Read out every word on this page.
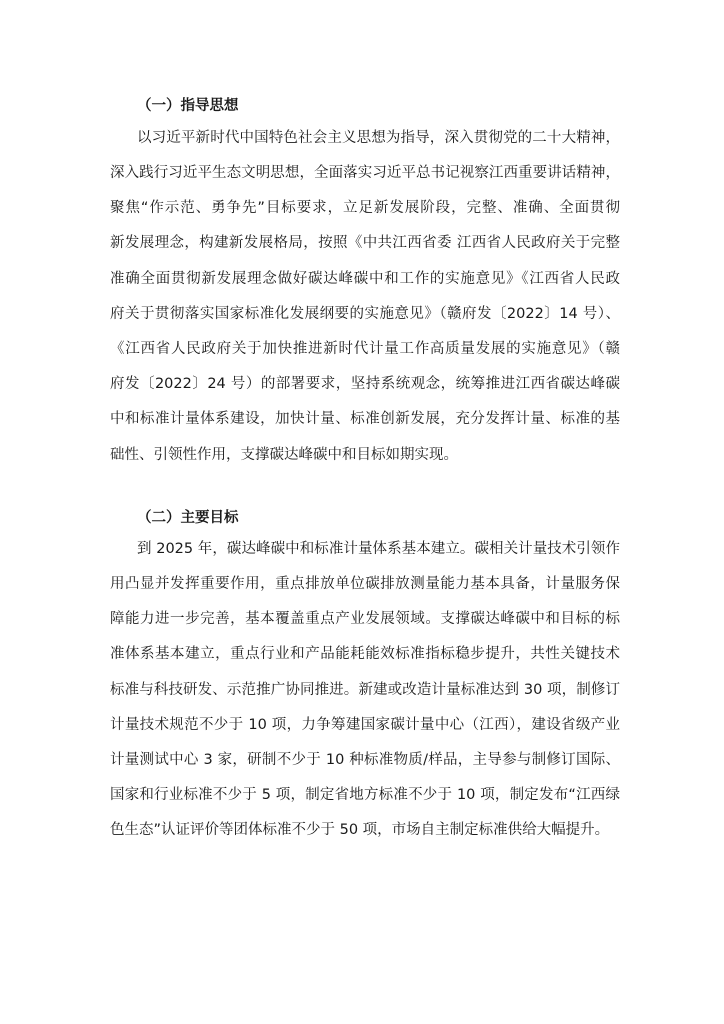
（一）指导思想
以习近平新时代中国特色社会主义思想为指导，深入贯彻党的二十大精神，
深入践行习近平生态文明思想，全面落实习近平总书记视察江西重要讲话精神，
聚焦“作示范、勇争先”目标要求，立足新发展阶段，完整、准确、全面贯彻
新发展理念，构建新发展格局，按照《中共江西省委 江西省人民政府关于完整
准确全面贯彻新发展理念做好碳达峰碳中和工作的实施意见》《江西省人民政
府关于贯彻落实国家标准化发展纲要的实施意见》（赣府发〔2022〕14 号）、
《江西省人民政府关于加快推进新时代计量工作高质量发展的实施意见》（赣
府发〔2022〕24 号）的部署要求，坚持系统观念，统筹推进江西省碳达峰碳
中和标准计量体系建设，加快计量、标准创新发展，充分发挥计量、标准的基
础性、引领性作用，支撑碳达峰碳中和目标如期实现。
（二）主要目标
到 2025 年，碳达峰碳中和标准计量体系基本建立。碳相关计量技术引领作
用凸显并发挥重要作用，重点排放单位碳排放测量能力基本具备，计量服务保
障能力进一步完善，基本覆盖重点产业发展领域。支撑碳达峰碳中和目标的标
准体系基本建立，重点行业和产品能耗能效标准指标稳步提升，共性关键技术
标准与科技研发、示范推广协同推进。新建或改造计量标准达到 30 项，制修订
计量技术规范不少于 10 项，力争筹建国家碳计量中心（江西），建设省级产业
计量测试中心 3 家，研制不少于 10 种标准物质/样品，主导参与制修订国际、
国家和行业标准不少于 5 项，制定省地方标准不少于 10 项，制定发布“江西绿
色生态”认证评价等团体标准不少于 50 项，市场自主制定标准供给大幅提升。
